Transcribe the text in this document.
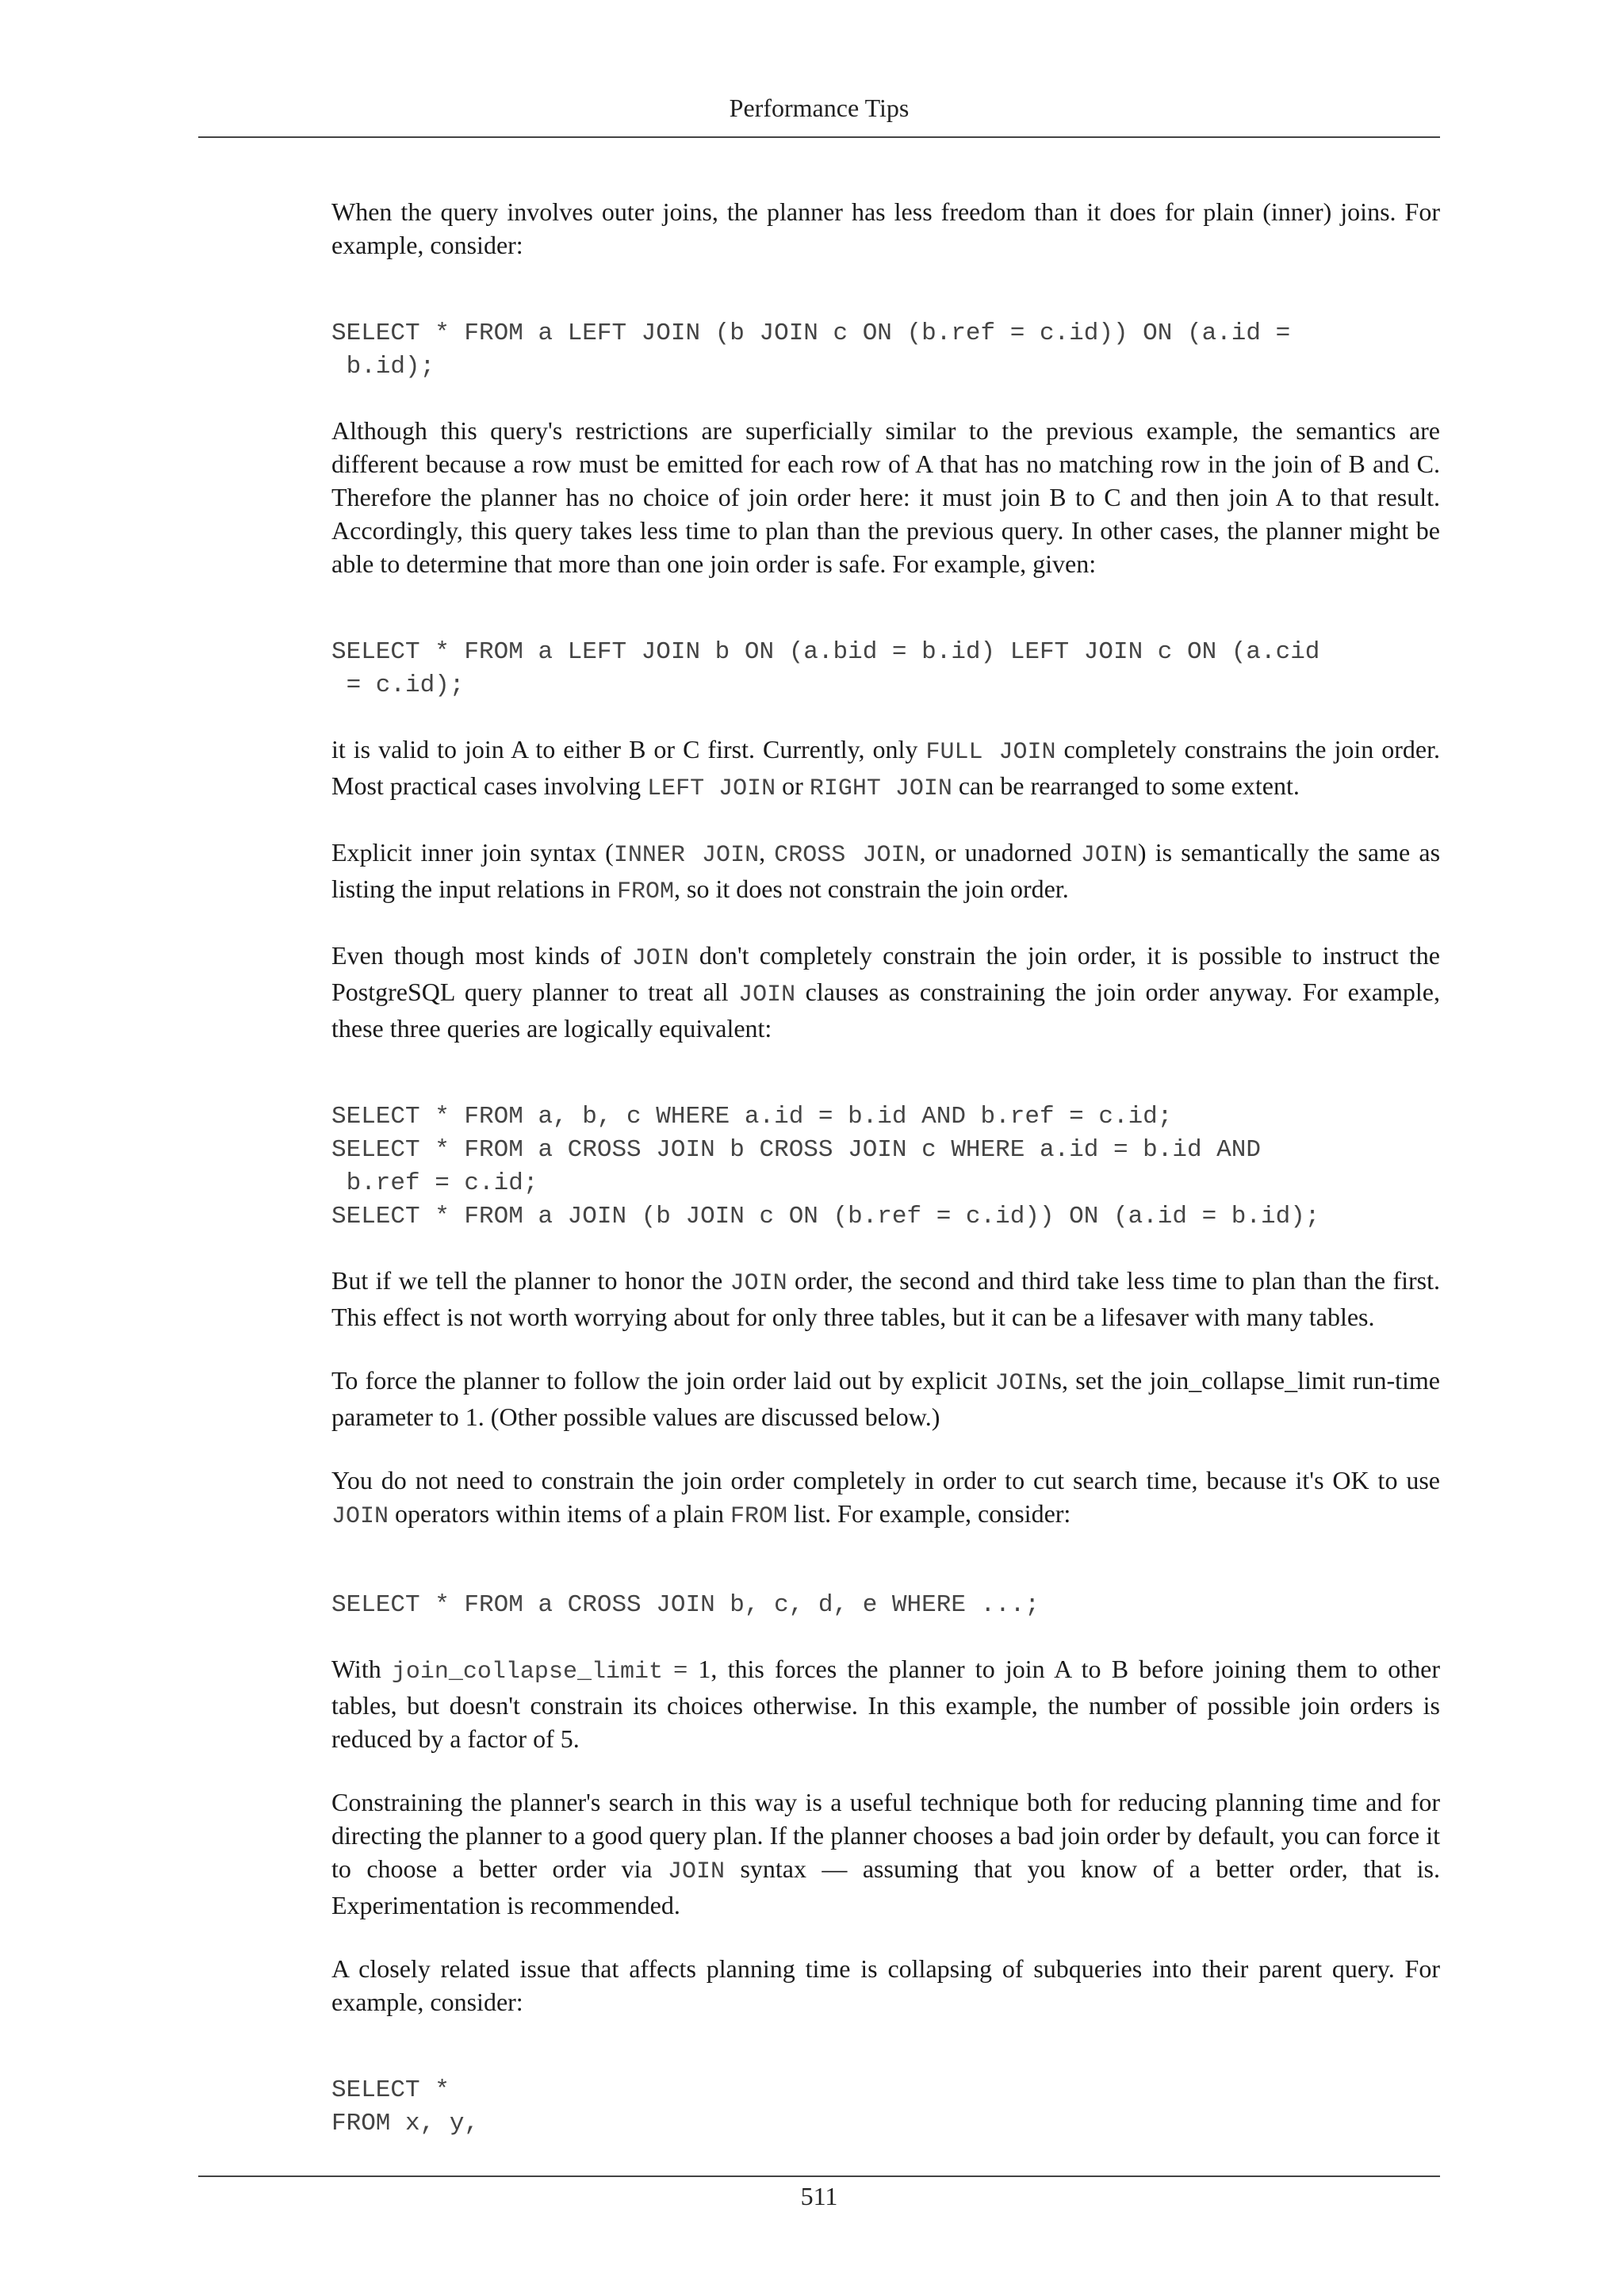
Performance Tips

When the query involves outer joins, the planner has less freedom than it does for plain (inner) joins. For example, consider:

SELECT * FROM a LEFT JOIN (b JOIN c ON (b.ref = c.id)) ON (a.id =
b.id);

Although this query's restrictions are superficially similar to the previous example, the semantics are different because a row must be emitted for each row of A that has no matching row in the join of B and C. Therefore the planner has no choice of join order here: it must join B to C and then join A to that result. Accordingly, this query takes less time to plan than the previous query. In other cases, the planner might be able to determine that more than one join order is safe. For example, given:

SELECT * FROM a LEFT JOIN b ON (a.bid = b.id) LEFT JOIN c ON (a.cid
= c.id);

it is valid to join A to either B or C first. Currently, only FULL JOIN completely constrains the join order. Most practical cases involving LEFT JOIN or RIGHT JOIN can be rearranged to some extent.

Explicit inner join syntax (INNER JOIN, CROSS JOIN, or unadorned JOIN) is semantically the same as listing the input relations in FROM, so it does not constrain the join order.

Even though most kinds of JOIN don't completely constrain the join order, it is possible to instruct the PostgreSQL query planner to treat all JOIN clauses as constraining the join order anyway. For example, these three queries are logically equivalent:

SELECT * FROM a, b, c WHERE a.id = b.id AND b.ref = c.id;
SELECT * FROM a CROSS JOIN b CROSS JOIN c WHERE a.id = b.id AND
b.ref = c.id;
SELECT * FROM a JOIN (b JOIN c ON (b.ref = c.id)) ON (a.id = b.id);

But if we tell the planner to honor the JOIN order, the second and third take less time to plan than the first. This effect is not worth worrying about for only three tables, but it can be a lifesaver with many tables.

To force the planner to follow the join order laid out by explicit JOINs, set the join_collapse_limit run-time parameter to 1. (Other possible values are discussed below.)

You do not need to constrain the join order completely in order to cut search time, because it's OK to use JOIN operators within items of a plain FROM list. For example, consider:

SELECT * FROM a CROSS JOIN b, c, d, e WHERE ...;

With join_collapse_limit = 1, this forces the planner to join A to B before joining them to other tables, but doesn't constrain its choices otherwise. In this example, the number of possible join orders is reduced by a factor of 5.

Constraining the planner's search in this way is a useful technique both for reducing planning time and for directing the planner to a good query plan. If the planner chooses a bad join order by default, you can force it to choose a better order via JOIN syntax — assuming that you know of a better order, that is. Experimentation is recommended.

A closely related issue that affects planning time is collapsing of subqueries into their parent query. For example, consider:

SELECT *
FROM x, y,
511
